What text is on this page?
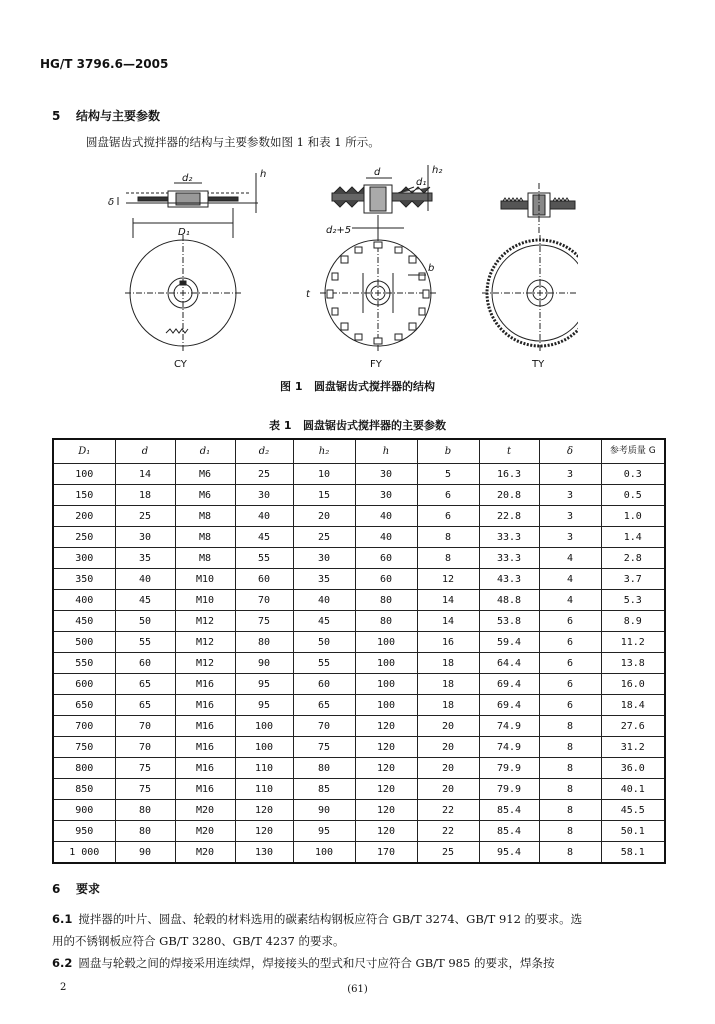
HG/T 3796.6—2005
5 结构与主要参数
圆盘锯齿式搅拌器的结构与主要参数如图 1 和表 1 所示。
d₂
D₁
δ
h	d
d₁
h₂
d₂+5
b
t
CY	FY	TY
图 1 圆盘锯齿式搅拌器的结构
表 1 圆盘锯齿式搅拌器的主要参数
D₁	d	d₁	d₂	h₂	h	b	t	δ	参考质量 G
100	14	M6	25	10	30	5	16.3	3	0.3
150	18	M6	30	15	30	6	20.8	3	0.5
200	25	M8	40	20	40	6	22.8	3	1.0
250	30	M8	45	25	40	8	33.3	3	1.4
300	35	M8	55	30	60	8	33.3	4	2.8
350	40	M10	60	35	60	12	43.3	4	3.7
400	45	M10	70	40	80	14	48.8	4	5.3
450	50	M12	75	45	80	14	53.8	6	8.9
500	55	M12	80	50	100	16	59.4	6	11.2
550	60	M12	90	55	100	18	64.4	6	13.8
600	65	M16	95	60	100	18	69.4	6	16.0
650	65	M16	95	65	100	18	69.4	6	18.4
700	70	M16	100	70	120	20	74.9	8	27.6
750	70	M16	100	75	120	20	74.9	8	31.2
800	75	M16	110	80	120	20	79.9	8	36.0
850	75	M16	110	85	120	20	79.9	8	40.1
900	80	M20	120	90	120	22	85.4	8	45.5
950	80	M20	120	95	120	22	85.4	8	50.1
1 000	90	M20	130	100	170	25	95.4	8	58.1
6 要求
6.1 搅拌器的叶片、圆盘、轮毂的材料选用的碳素结构钢板应符合 GB/T 3274、GB/T 912 的要求。选
用的不锈钢板应符合 GB/T 3280、GB/T 4237 的要求。
6.2 圆盘与轮毂之间的焊接采用连续焊，焊接接头的型式和尺寸应符合 GB/T 985 的要求，焊条按
2	(61)
